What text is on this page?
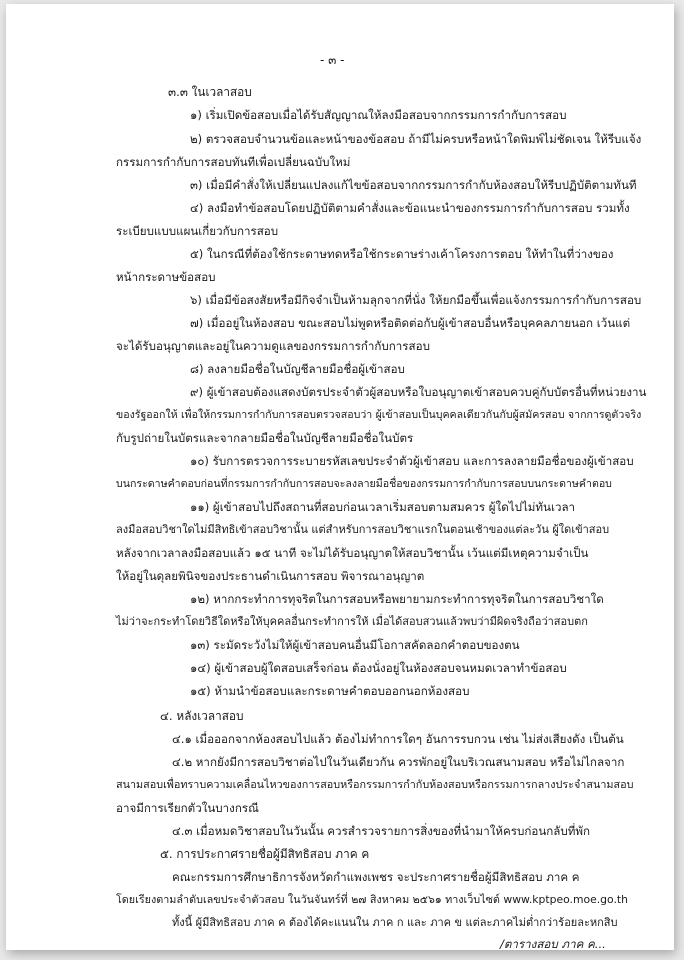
- ๓ -
๓.๓ ในเวลาสอบ
๑) เริ่มเปิดข้อสอบเมื่อได้รับสัญญาณให้ลงมือสอบจากกรรมการกำกับการสอบ
๒) ตรวจสอบจำนวนข้อและหน้าของข้อสอบ ถ้ามีไม่ครบหรือหน้าใดพิมพ์ไม่ชัดเจน ให้รีบแจ้ง
กรรมการกำกับการสอบทันทีเพื่อเปลี่ยนฉบับใหม่
๓) เมื่อมีคำสั่งให้เปลี่ยนแปลงแก้ไขข้อสอบจากกรรมการกำกับห้องสอบให้รีบปฏิบัติตามทันที
๔) ลงมือทำข้อสอบโดยปฏิบัติตามคำสั่งและข้อแนะนำของกรรมการกำกับการสอบ รวมทั้ง
ระเบียบแบบแผนเกี่ยวกับการสอบ
๕) ในกรณีที่ต้องใช้กระดาษทดหรือใช้กระดาษร่างเค้าโครงการตอบ ให้ทำในที่ว่างของ
หน้ากระดาษข้อสอบ
๖) เมื่อมีข้อสงสัยหรือมีกิจจำเป็นห้ามลุกจากที่นั่ง ให้ยกมือขึ้นเพื่อแจ้งกรรมการกำกับการสอบ
๗) เมื่ออยู่ในห้องสอบ ขณะสอบไม่พูดหรือติดต่อกับผู้เข้าสอบอื่นหรือบุคคลภายนอก เว้นแต่
จะได้รับอนุญาตและอยู่ในความดูแลของกรรมการกำกับการสอบ
๘) ลงลายมือชื่อในบัญชีลายมือชื่อผู้เข้าสอบ
๙) ผู้เข้าสอบต้องแสดงบัตรประจำตัวผู้สอบหรือใบอนุญาตเข้าสอบควบคู่กับบัตรอื่นที่หน่วยงาน
ของรัฐออกให้ เพื่อให้กรรมการกำกับการสอบตรวจสอบว่า ผู้เข้าสอบเป็นบุคคลเดียวกันกับผู้สมัครสอบ จากการดูตัวจริง
กับรูปถ่ายในบัตรและจากลายมือชื่อในบัญชีลายมือชื่อในบัตร
๑๐) รับการตรวจการระบายรหัสเลขประจำตัวผู้เข้าสอบ และการลงลายมือชื่อของผู้เข้าสอบ
บนกระดาษคำตอบก่อนที่กรรมการกำกับการสอบจะลงลายมือชื่อของกรรมการกำกับการสอบบนกระดาษคำตอบ
๑๑) ผู้เข้าสอบไปถึงสถานที่สอบก่อนเวลาเริ่มสอบตามสมควร ผู้ใดไปไม่ทันเวลา
ลงมือสอบวิชาใดไม่มีสิทธิเข้าสอบวิชานั้น แต่สำหรับการสอบวิชาแรกในตอนเช้าของแต่ละวัน ผู้ใดเข้าสอบ
หลังจากเวลาลงมือสอบแล้ว ๑๕ นาที จะไม่ได้รับอนุญาตให้สอบวิชานั้น เว้นแต่มีเหตุความจำเป็น
ให้อยู่ในดุลยพินิจของประธานดำเนินการสอบ พิจารณาอนุญาต
๑๒) หากกระทำการทุจริตในการสอบหรือพยายามกระทำการทุจริตในการสอบวิชาใด
ไม่ว่าจะกระทำโดยวิธีใดหรือให้บุคคลอื่นกระทำการให้ เมื่อได้สอบสวนแล้วพบว่ามีผิดจริงถือว่าสอบตก
๑๓) ระมัดระวังไม่ให้ผู้เข้าสอบคนอื่นมีโอกาสคัดลอกคำตอบของตน
๑๔) ผู้เข้าสอบผู้ใดสอบเสร็จก่อน ต้องนั่งอยู่ในห้องสอบจนหมดเวลาทำข้อสอบ
๑๕) ห้ามนำข้อสอบและกระดาษคำตอบออกนอกห้องสอบ
๔. หลังเวลาสอบ
๔.๑ เมื่อออกจากห้องสอบไปแล้ว ต้องไม่ทำการใดๆ อันการรบกวน เช่น ไม่ส่งเสียงดัง เป็นต้น
๔.๒ หากยังมีการสอบวิชาต่อไปในวันเดียวกัน ควรพักอยู่ในบริเวณสนามสอบ หรือไม่ไกลจาก
สนามสอบเพื่อทราบความเคลื่อนไหวของการสอบหรือกรรมการกำกับห้องสอบหรือกรรมการกลางประจำสนามสอบ
อาจมีการเรียกตัวในบางกรณี
๔.๓ เมื่อหมดวิชาสอบในวันนั้น ควรสำรวจรายการสิ่งของที่นำมาให้ครบก่อนกลับที่พัก
๕. การประกาศรายชื่อผู้มีสิทธิสอบ ภาค ค
คณะกรรมการศึกษาธิการจังหวัดกำแพงเพชร จะประกาศรายชื่อผู้มีสิทธิสอบ ภาค ค
โดยเรียงตามลำดับเลขประจำตัวสอบ ในวันจันทร์ที่ ๒๗ สิงหาคม ๒๕๖๑ ทางเว็บไซต์ www.kptpeo.moe.go.th
ทั้งนี้ ผู้มีสิทธิสอบ ภาค ค ต้องได้คะแนนใน ภาค ก และ ภาค ข แต่ละภาคไม่ต่ำกว่าร้อยละหกสิบ
/ตารางสอบ ภาค ค...
